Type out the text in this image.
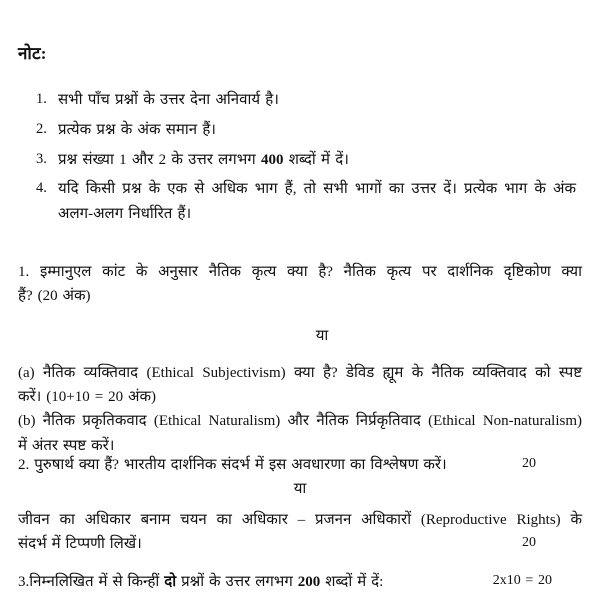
नोट:
1. सभी पाँच प्रश्नों के उत्तर देना अनिवार्य है।
2. प्रत्येक प्रश्न के अंक समान हैं।
3. प्रश्न संख्या 1 और 2 के उत्तर लगभग 400 शब्दों में दें।
4. यदि किसी प्रश्न के एक से अधिक भाग हैं, तो सभी भागों का उत्तर दें। प्रत्येक भाग के अंक अलग-अलग निर्धारित हैं।
1. इम्मानुएल कांट के अनुसार नैतिक कृत्य क्या है? नैतिक कृत्य पर दार्शनिक दृष्टिकोण क्या
हैं? (20 अंक)
या
(a) नैतिक व्यक्तिवाद (Ethical Subjectivism) क्या है? डेविड ह्यूम के नैतिक व्यक्तिवाद को स्पष्ट
करें। (10+10 = 20 अंक)
(b) नैतिक प्रकृतिकवाद (Ethical Naturalism) और नैतिक निर्प्रकृतिवाद (Ethical Non-naturalism)
में अंतर स्पष्ट करें।
2. पुरुषार्थ क्या हैं? भारतीय दार्शनिक संदर्भ में इस अवधारणा का विश्लेषण करें।	20
या
जीवन का अधिकार बनाम चयन का अधिकार – प्रजनन अधिकारों (Reproductive Rights) के
संदर्भ में टिप्पणी लिखें।	20
3.निम्नलिखित में से किन्हीं दो प्रश्नों के उत्तर लगभग 200 शब्दों में दें:	2x10 = 20
